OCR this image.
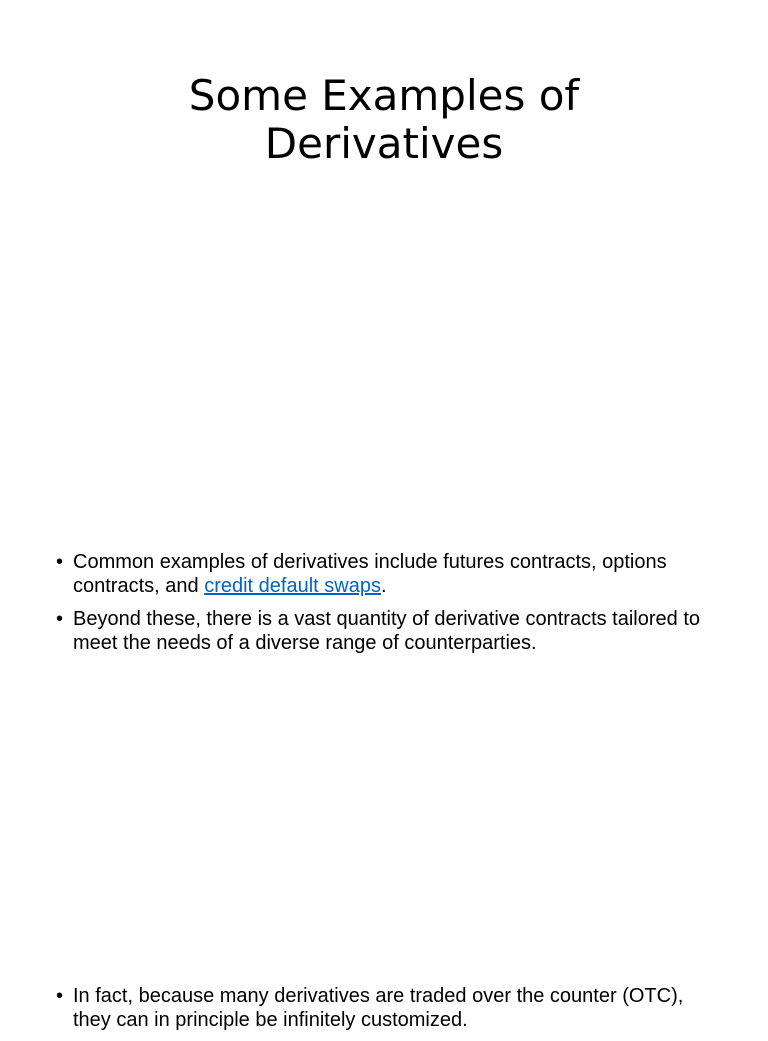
Some Examples of
Derivatives
• Common examples of derivatives include futures contracts, options contracts, and credit default swaps.
• Beyond these, there is a vast quantity of derivative contracts tailored to meet the needs of a diverse range of counterparties.
• In fact, because many derivatives are traded over the counter (OTC), they can in principle be infinitely customized.
